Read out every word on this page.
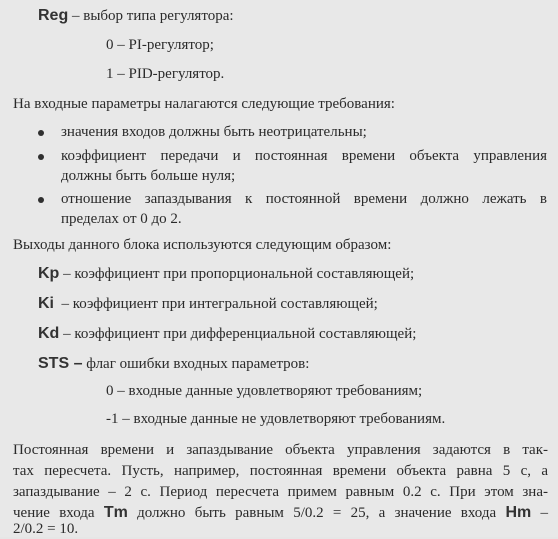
Reg – выбор типа регулятора:
0 – PI-регулятор;
1 – PID-регулятор.
На входные параметры налагаются следующие требования:
значения входов должны быть неотрицательны;
коэффициент передачи и постоянная времени объекта управления
должны быть больше нуля;
отношение запаздывания к постоянной времени должно лежать в
пределах от 0 до 2.
Выходы данного блока используются следующим образом:
Kp – коэффициент при пропорциональной составляющей;
Ki  – коэффициент при интегральной составляющей;
Kd – коэффициент при дифференциальной составляющей;
STS – флаг ошибки входных параметров:
0 – входные данные удовлетворяют требованиям;
-1 – входные данные не удовлетворяют требованиям.
Постоянная времени и запаздывание объекта управления задаются в так-
тах пересчета. Пусть, например, постоянная времени объекта равна 5 с, а
запаздывание – 2 с. Период пересчета примем равным 0.2 с. При этом зна-
чение входа Tm должно быть равным 5/0.2 = 25, а значение входа Hm –
2/0.2 = 10.
